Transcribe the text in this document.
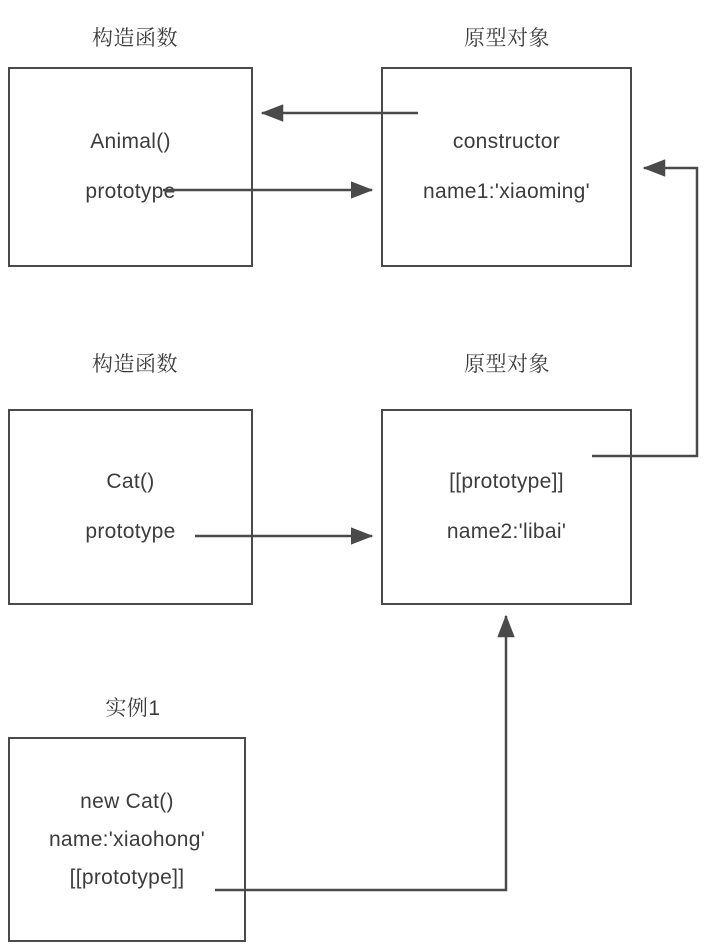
构造函数	原型对象
构造函数	原型对象
实例1
Animal()
prototype
constructor
name1:'xiaoming'
Cat()
prototype
[[prototype]]
name2:'libai'
new Cat()
name:'xiaohong'
[[prototype]]
